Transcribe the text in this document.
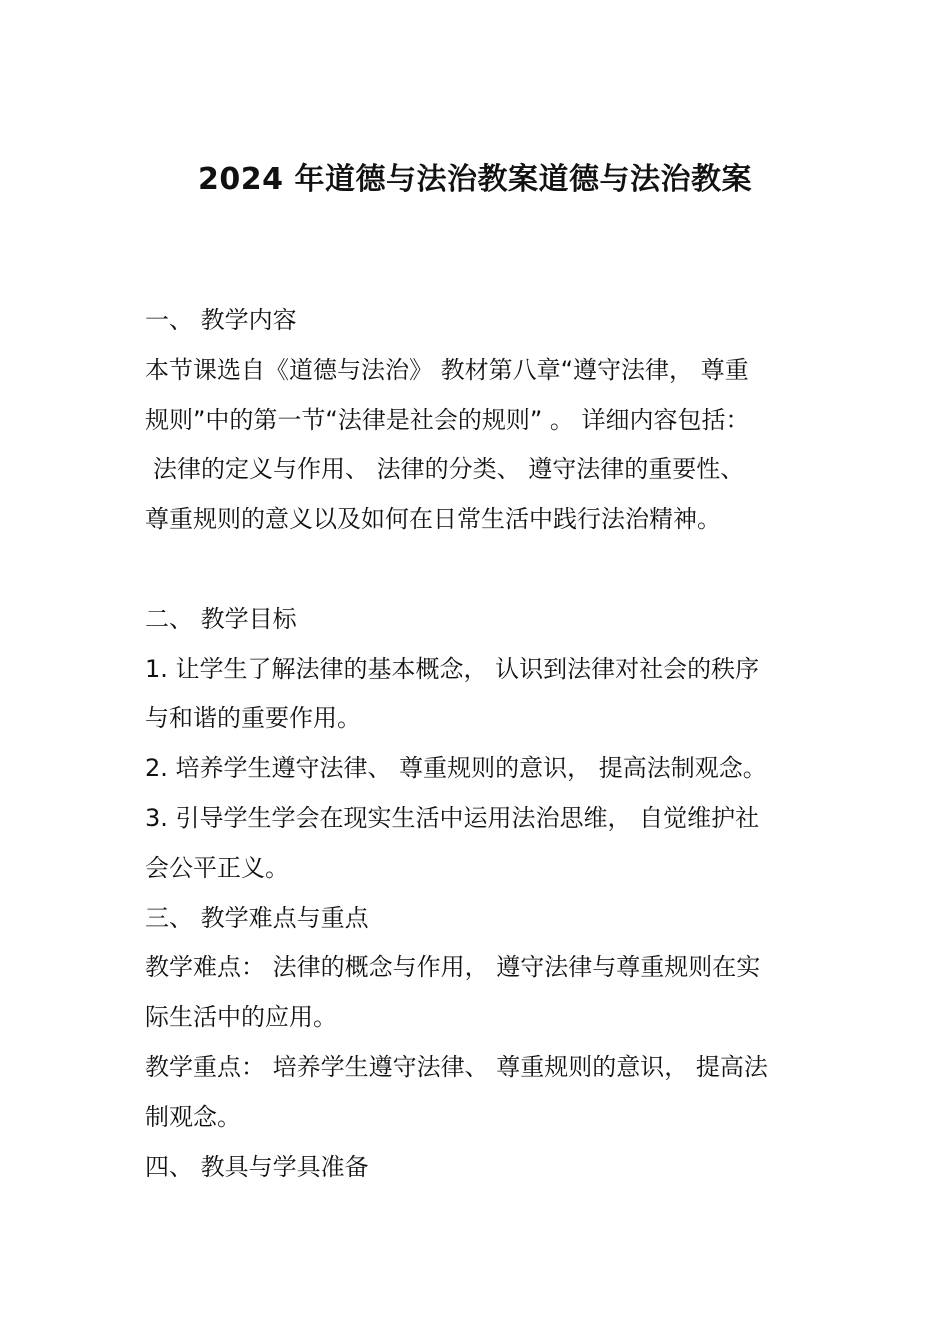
2024 年道德与法治教案道德与法治教案
一、 教学内容
本节课选自《道德与法治》 教材第八章“遵守法律， 尊重
规则”中的第一节“法律是社会的规则” 。 详细内容包括：
法律的定义与作用、 法律的分类、 遵守法律的重要性、
尊重规则的意义以及如何在日常生活中践行法治精神。
二、 教学目标
1. 让学生了解法律的基本概念， 认识到法律对社会的秩序
与和谐的重要作用。
2. 培养学生遵守法律、 尊重规则的意识， 提高法制观念。
3. 引导学生学会在现实生活中运用法治思维， 自觉维护社
会公平正义。
三、 教学难点与重点
教学难点： 法律的概念与作用， 遵守法律与尊重规则在实
际生活中的应用。
教学重点： 培养学生遵守法律、 尊重规则的意识， 提高法
制观念。
四、 教具与学具准备
